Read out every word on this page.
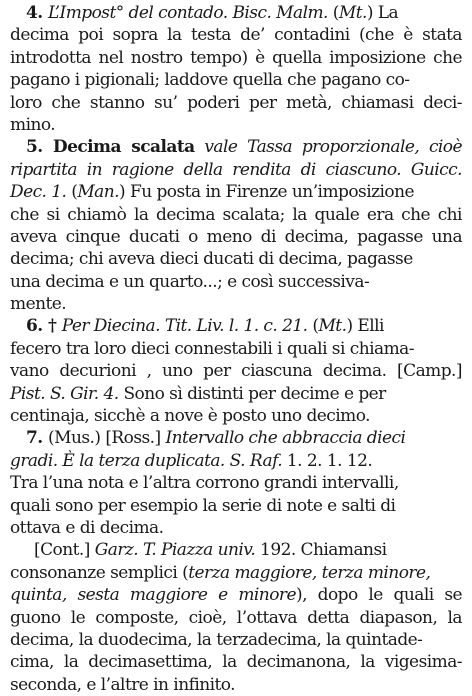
4. L’Impost° del contado. Bisc. Malm. (Mt.) La
decima poi sopra la testa de’ contadini (che è stata
introdotta nel nostro tempo) è quella imposizione che
pagano i pigionali; laddove quella che pagano co-
loro che stanno su’ poderi per metà, chiamasi deci-
mino.
5. Decima scalata vale Tassa proporzionale, cioè
ripartita in ragione della rendita di ciascuno. Guicc.
Dec. 1. (Man.) Fu posta in Firenze un’imposizione
che si chiamò la decima scalata; la quale era che chi
aveva cinque ducati o meno di decima, pagasse una
decima; chi aveva dieci ducati di decima, pagasse
una decima e un quarto...; e così successiva-
mente.
6. † Per Diecina. Tit. Liv. l. 1. c. 21. (Mt.) Elli
fecero tra loro dieci connestabili i quali si chiama-
vano decurioni , uno per ciascuna decima. [Camp.]
Pist. S. Gir. 4. Sono sì distinti per decime e per
centinaja, sicchè a nove è posto uno decimo.
7. (Mus.) [Ross.] Intervallo che abbraccia dieci
gradi. È la terza duplicata. S. Raf. 1. 2. 1. 12.
Tra l’una nota e l’altra corrono grandi intervalli,
quali sono per esempio la serie di note e salti di
ottava e di decima.
[Cont.] Garz. T. Piazza univ. 192. Chiamansi
consonanze semplici (terza maggiore, terza minore,
quinta, sesta maggiore e minore), dopo le quali se
guono le composte, cioè, l’ottava detta diapason, la
decima, la duodecima, la terzadecima, la quintade-
cima, la decimasettima, la decimanona, la vigesima-
seconda, e l’altre in infinito.
